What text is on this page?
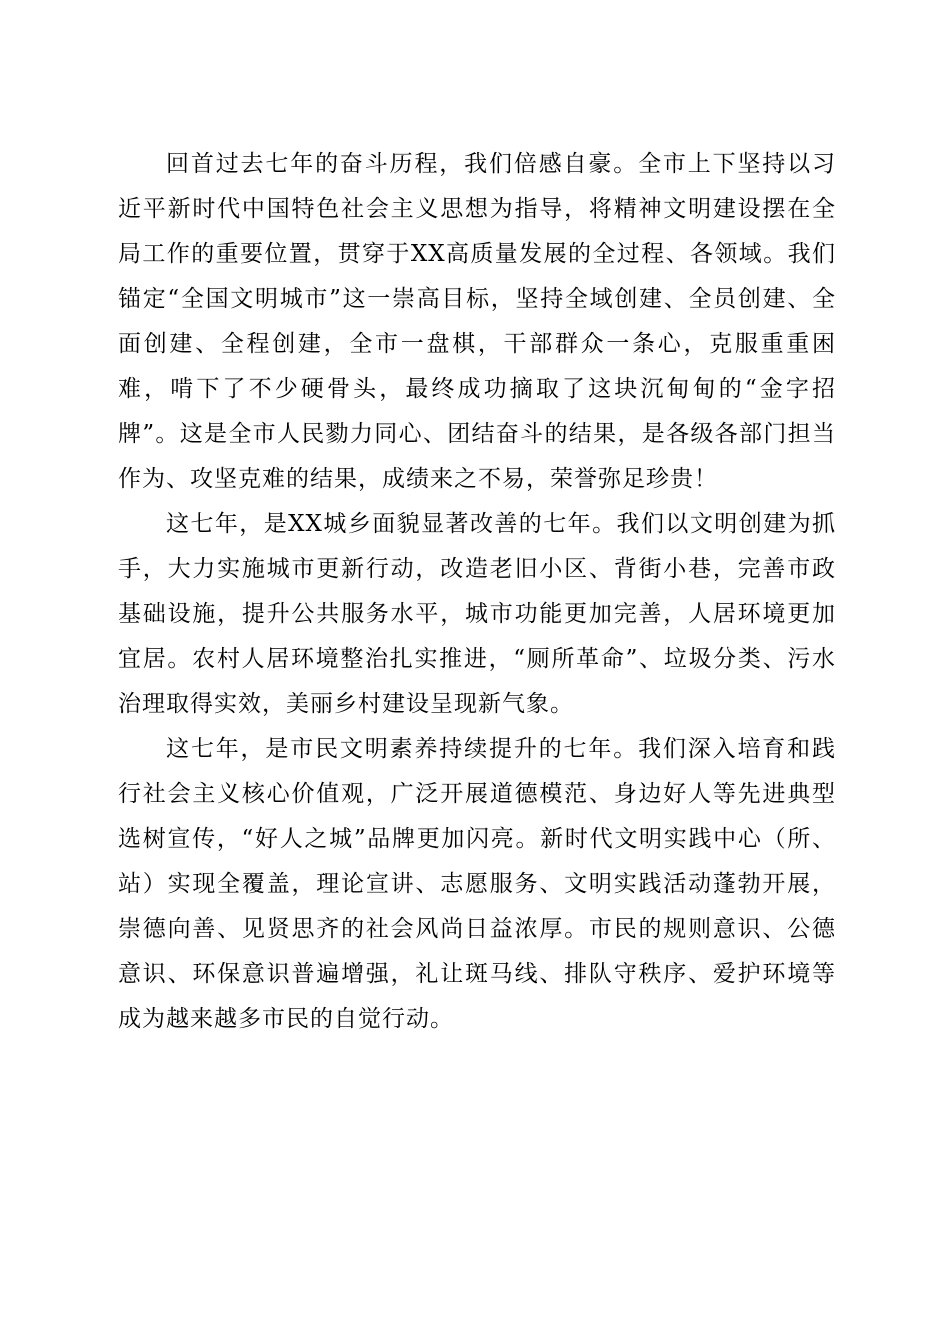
回首过去七年的奋斗历程，我们倍感自豪。全市上下坚持以习近平新时代中国特色社会主义思想为指导，将精神文明建设摆在全局工作的重要位置，贯穿于XX高质量发展的全过程、各领域。我们锚定“全国文明城市”这一崇高目标，坚持全域创建、全员创建、全面创建、全程创建，全市一盘棋，干部群众一条心，克服重重困难，啃下了不少硬骨头，最终成功摘取了这块沉甸甸的“金字招牌”。这是全市人民勠力同心、团结奋斗的结果，是各级各部门担当作为、攻坚克难的结果，成绩来之不易，荣誉弥足珍贵！

这七年，是XX城乡面貌显著改善的七年。我们以文明创建为抓手，大力实施城市更新行动，改造老旧小区、背街小巷，完善市政基础设施，提升公共服务水平，城市功能更加完善，人居环境更加宜居。农村人居环境整治扎实推进，“厕所革命”、垃圾分类、污水治理取得实效，美丽乡村建设呈现新气象。

这七年，是市民文明素养持续提升的七年。我们深入培育和践行社会主义核心价值观，广泛开展道德模范、身边好人等先进典型选树宣传，“好人之城”品牌更加闪亮。新时代文明实践中心（所、站）实现全覆盖，理论宣讲、志愿服务、文明实践活动蓬勃开展，崇德向善、见贤思齐的社会风尚日益浓厚。市民的规则意识、公德意识、环保意识普遍增强，礼让斑马线、排队守秩序、爱护环境等成为越来越多市民的自觉行动。
